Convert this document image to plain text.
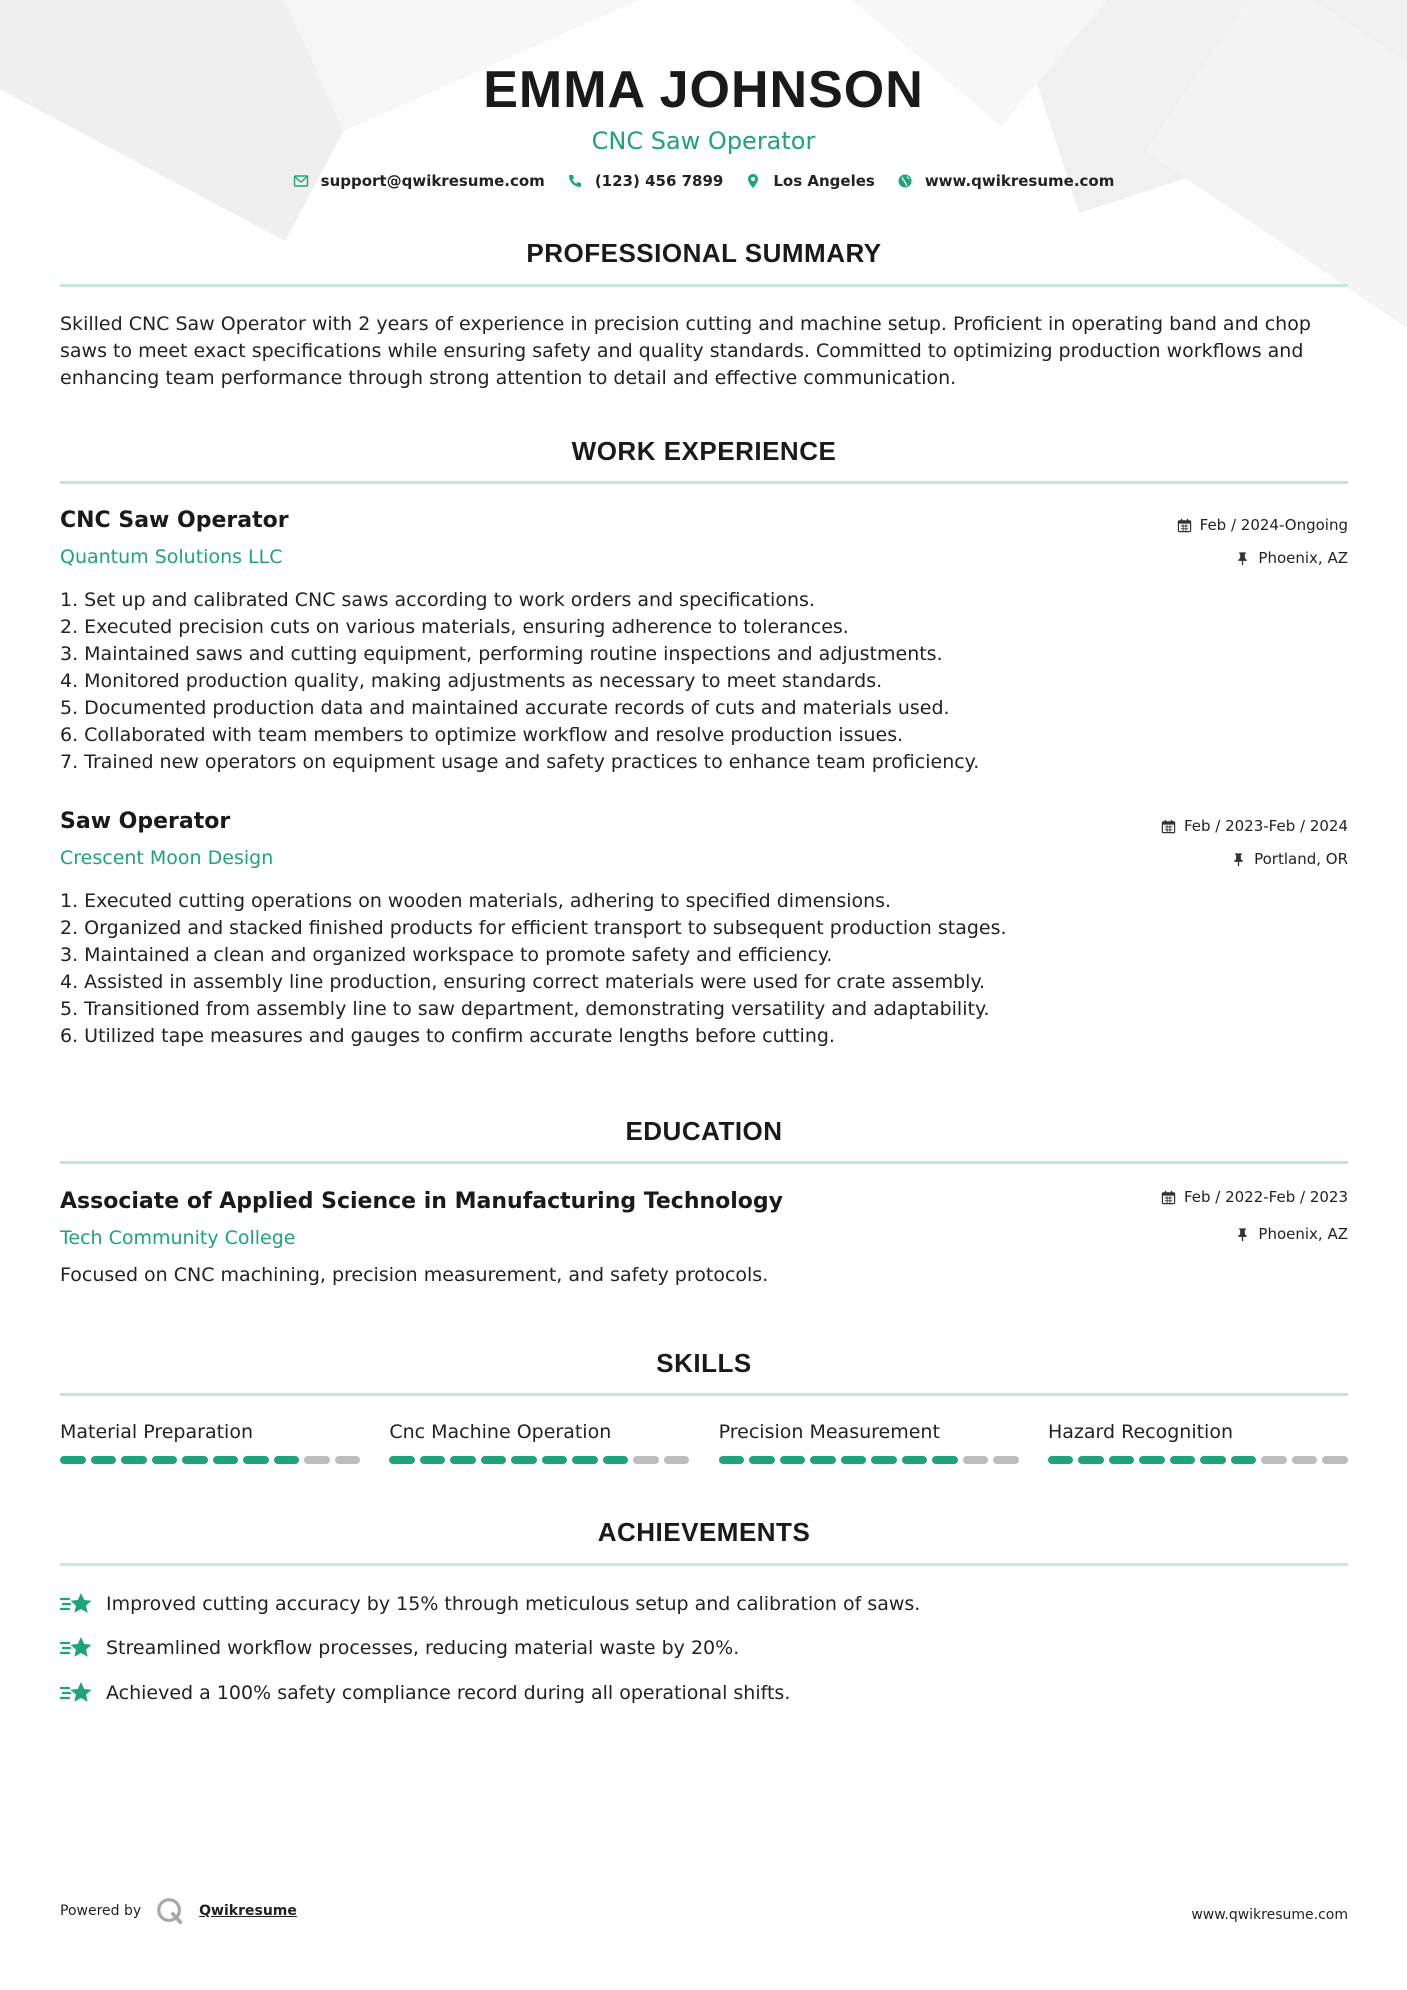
EMMA JOHNSON
CNC Saw Operator
support@qwikresume.com	(123) 456 7899	Los Angeles	www.qwikresume.com
PROFESSIONAL SUMMARY
Skilled CNC Saw Operator with 2 years of experience in precision cutting and machine setup. Proficient in operating band and chop saws to meet exact specifications while ensuring safety and quality standards. Committed to optimizing production workflows and enhancing team performance through strong attention to detail and effective communication.
WORK EXPERIENCE
CNC Saw Operator
Quantum Solutions LLC
Feb / 2024-Ongoing
Phoenix, AZ
1. Set up and calibrated CNC saws according to work orders and specifications.
2. Executed precision cuts on various materials, ensuring adherence to tolerances.
3. Maintained saws and cutting equipment, performing routine inspections and adjustments.
4. Monitored production quality, making adjustments as necessary to meet standards.
5. Documented production data and maintained accurate records of cuts and materials used.
6. Collaborated with team members to optimize workflow and resolve production issues.
7. Trained new operators on equipment usage and safety practices to enhance team proficiency.
Saw Operator
Crescent Moon Design
Feb / 2023-Feb / 2024
Portland, OR
1. Executed cutting operations on wooden materials, adhering to specified dimensions.
2. Organized and stacked finished products for efficient transport to subsequent production stages.
3. Maintained a clean and organized workspace to promote safety and efficiency.
4. Assisted in assembly line production, ensuring correct materials were used for crate assembly.
5. Transitioned from assembly line to saw department, demonstrating versatility and adaptability.
6. Utilized tape measures and gauges to confirm accurate lengths before cutting.
EDUCATION
Associate of Applied Science in Manufacturing Technology
Tech Community College
Feb / 2022-Feb / 2023
Phoenix, AZ
Focused on CNC machining, precision measurement, and safety protocols.
SKILLS
Material Preparation	Cnc Machine Operation	Precision Measurement	Hazard Recognition
ACHIEVEMENTS
Improved cutting accuracy by 15% through meticulous setup and calibration of saws.
Streamlined workflow processes, reducing material waste by 20%.
Achieved a 100% safety compliance record during all operational shifts.
Powered by	Qwikresume	www.qwikresume.com
